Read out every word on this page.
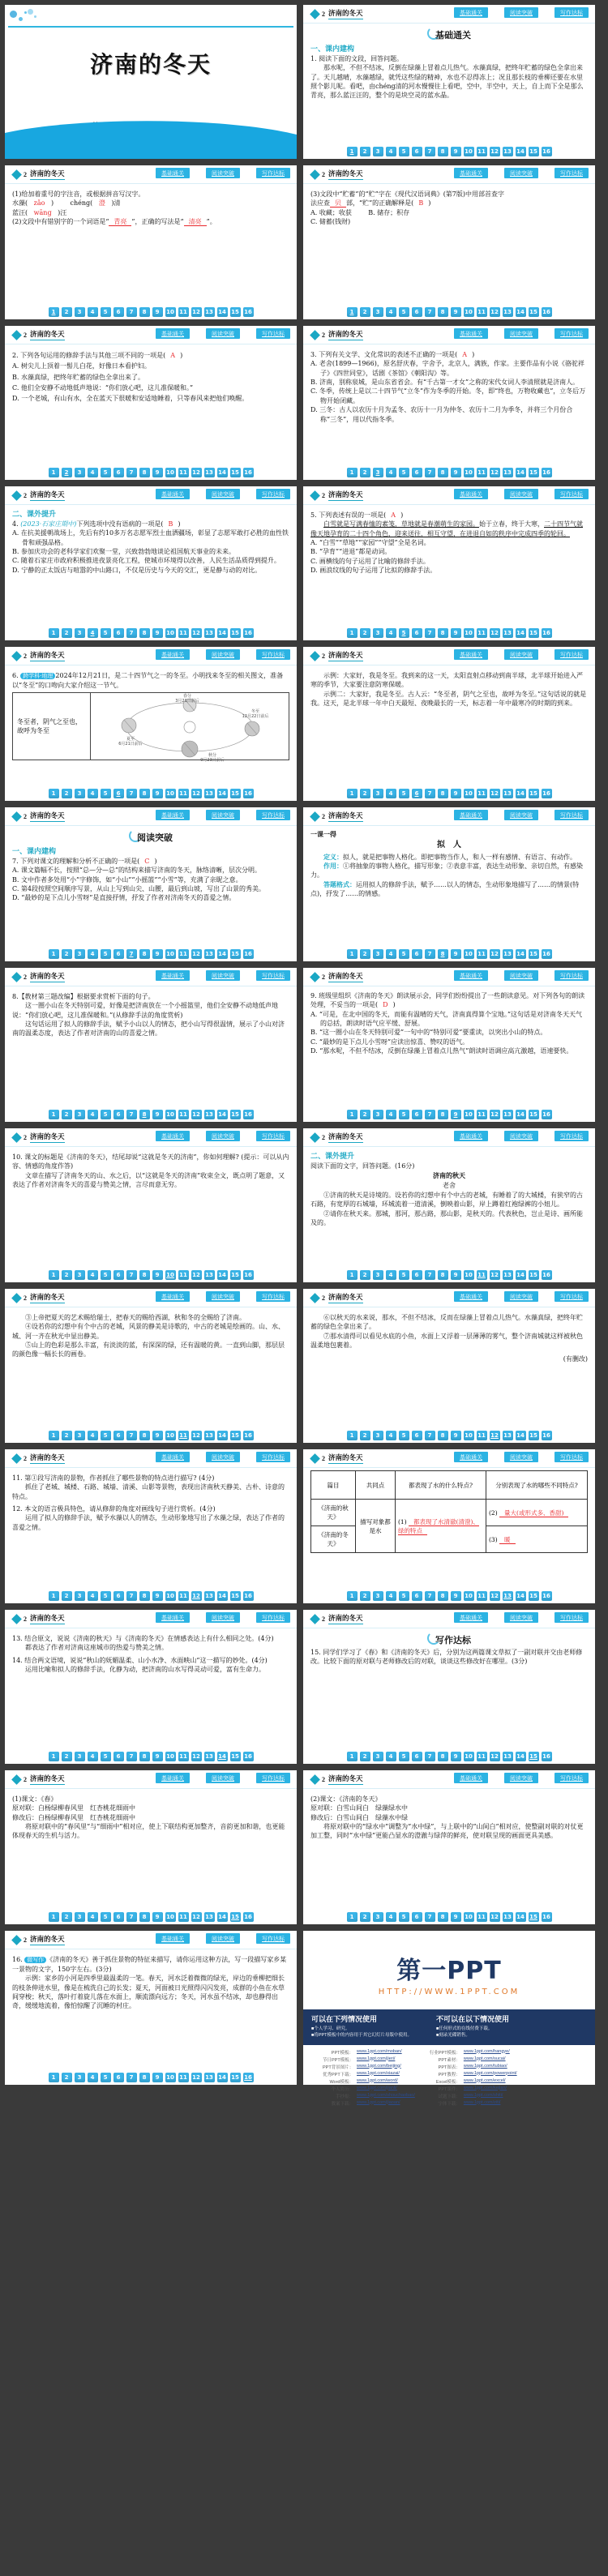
济南的冬天
2 济南的冬天	基础通关	阅读突破	写作达标
基础通关
一、课内建构

1. 阅读下面的文段，回答问题。

那水呢，不但不结冰，反倒在绿藻上冒着点儿热气。水藻真绿，把终年贮蓄的绿色全拿出来了。天儿越晴，水藻越绿，就凭这些绿的精神，水也不忍得冻上；况且那长枝的垂柳还要在水里照个影儿呢。看吧，由chéng清的河水慢慢往上看吧，空中，半空中，天上，自上而下全是那么青亮，那么蓝汪汪的，整个的是块空灵的蓝水晶。

1	2	3	4	5	6	7	8	9	10 11 12 13 14 15 16
2 济南的冬天	基础通关	阅读突破	写作达标

(1)给加着重号的字注音，或根据拼音写汉字。

水藻( zǎo )	chéng( 澄 )清

蓝汪( wāng )汪

(2)文段中有错别字的一个词语是“ 青亮 ”，正确的写法是“ 清亮 ”。

1	2	3	4	5	6	7	8	9	10 11 12 13 14 15 16
2 济南的冬天	基础通关	阅读突破	写作达标

(3)文段中“贮蓄”的“贮”字在《现代汉语词典》(第7版)中用部首查字

法应查 贝 部，“贮”的正确解释是( B )

A. 收藏；收获	B. 储存；积存

C. 储蓄(钱财)

1	2	3	4	5	6	7	8	9	10 11 12 13 14 15 16
2 济南的冬天	基础通关	阅读突破	写作达标

2. 下列各句运用的修辞手法与其他三项不同的一项是( A )

A. 树尖儿上顶着一髻儿白花，好像日本看护妇。

B. 水藻真绿，把终年贮蓄的绿色全拿出来了。

C. 他们全安静不动地低声地说：“你们放心吧，这儿准保暖和。”

D. 一个老城，有山有水，全在蓝天下很暖和安适地睡着，只等春风来把他们唤醒。

1	2	3	4	5	6	7	8	9	10 11 12 13 14 15 16
2 济南的冬天	基础通关	阅读突破	写作达标

3. 下列有关文学、文化常识的表述不正确的一项是( A )

A. 老舍(1899—1966)，原名舒庆春，字舍予，北京人，满族，作家。主要作品有小说《骆驼祥子》《四世同堂》，话剧《茶馆》《朝阳沟》等。

B. 济南，别称泉城，是山东省省会。有“千古第一才女”之称的宋代女词人李清照就是济南人。

C. 冬季，传统上是以二十四节气“立冬”作为冬季的开始。冬，即“终也，万物收藏也”，立冬后万物开始闭藏。

D. 三冬：古人以农历十月为孟冬、农历十一月为仲冬、农历十二月为季冬，并将三个月份合称“三冬”，用以代指冬季。

1	2	3	4	5	6	7	8	9	10 11 12 13 14 15 16
2 济南的冬天	基础通关	阅读突破	写作达标
二、课外提升

4. (2023·石家庄期中)下列选项中没有语病的一项是( B )

A. 在抗美援朝战场上，先后有约10多万名志愿军烈士血洒疆场，彰显了志愿军敢打必胜的血性铁骨和顽强品格。

B. 参加庆功会的老科学家们欢聚一堂，兴致勃勃地谈论祖国航天事业的未来。

C. 随着石家庄市政府积极推进夜景亮化工程，使城市环境得以改善，人民生活品质得到提升。

D. 宁静的正太饭店与喧嚣的中山路口，不仅是历史与今天的交汇，更是静与动的对比。

1	2	3	4	5	6	7	8	9	10 11 12 13 14 15 16
2 济南的冬天	基础通关	阅读突破	写作达标

5. 下列表述有误的一项是( A )

白雪就是写满春恤的素笺，草地就是春潮萌生的家园。始于立春，终于大寒，二十四节气就像天地孕育的二十四个角色，迎来送往，相互守望，在进退自如的秩序中完成四季的轮回。

A. “白雪”“草地”“家园”“守望”全是名词。

B. “孕育”“进退”都是动词。

C. 画横线的句子运用了比喻的修辞手法。

D. 画浪纹线的句子运用了比拟的修辞手法。

1	2	3	4	5	6	7	8	9	10 11 12 13 14 15 16
2 济南的冬天	基础通关	阅读突破	写作达标

6. 跨学科·地理 2024年12月21日，是二十四节气之一的冬至。小明找来冬至的相关图文，准备以“冬至”的口吻向大家介绍这一节气。

冬至者，阴气之至也，故呼为冬至
春分
3月21日前后
冬至
12月22日前后
夏至
6月21日前后
秋分
9月23日前后
1	2	3	4	5	6	7	8	9	10 11 12 13 14 15 16
2 济南的冬天	基础通关	阅读突破	写作达标

示例：大家好，我是冬至。我到来的这一天，太阳直射点移动到南半球，北半球开始进入严寒的季节，大家要注意防寒保暖。

示例二：大家好，我是冬至。古人云：“冬至者，阴气之至也，故呼为冬至。”这句话说的就是我。这天，是北半球一年中白天最短、夜晚最长的一天，标志着一年中最寒冷的时期的到来。

1	2	3	4	5	6	7	8	9	10 11 12 13 14 15 16
2 济南的冬天	基础通关	阅读突破	写作达标
阅读突破
一、课内建构

7. 下列对课文的理解和分析不正确的一项是( C )

A. 课文篇幅不长，按照“总—分—总”的结构来描写济南的冬天，脉络清晰，层次分明。

B. 文中作者多处用“小”字修饰，如“小山”“小摇篮”“小雪”等，充满了亲昵之意。

C. 第4段按照空间顺序写景，从山上写到山尖、山腰，最后到山坡，写出了山景的秀美。

D. “最妙的是下点儿小雪呀”是直接抒情，抒发了作者对济南冬天的喜爱之情。

1	2	3	4	5	6	7	8	9	10 11 12 13 14 15 16
2 济南的冬天	基础通关	阅读突破	写作达标

一课一得

拟　人

定义：拟人，就是把事物人格化。即把事物当作人，和人一样有感情、有语言、有动作。

作用：①将抽象的事物人格化，描写形象；②表意丰富，表达生动形象、亲切自然，有感染力。

答题格式：运用拟人的修辞手法，赋予……以人的情态，生动形象地描写了……的情景(特点)，抒发了……的情感。

1	2	3	4	5	6	7	8	9	10 11 12 13 14 15 16
2 济南的冬天	基础通关	阅读突破	写作达标

8.【教材第三题改编】根据要求赏析下面的句子。

这一圈小山在冬天特别可爱，好像是把济南放在一个小摇篮里，他们全安静不动地低声地说：“你们放心吧，这儿准保暖和。”(从修辞手法的角度赏析)

这句话运用了拟人的修辞手法，赋予小山以人的情态，把小山写得很温情，展示了小山对济南的温柔态度，表达了作者对济南的山的喜爱之情。

1	2	3	4	5	6	7	8	9	10 11 12 13 14 15 16
2 济南的冬天	基础通关	阅读突破	写作达标

9. 班级里组织《济南的冬天》朗读展示会，同学们纷纷提出了一些朗读意见。对下列各句的朗读处理，不妥当的一项是( D )

A. “可是，在北中国的冬天，而能有温晴的天气，济南真得算个宝地。”这句话是对济南冬天天气的总括，朗读时语气应平缓、舒展。

B. “这一圈小山在冬天特别可爱”一句中的“特别可爱”要重读，以突出小山的特点。

C. “最妙的是下点儿小雪呀”应读出惊喜、赞叹的语气。

D. “那水呢，不但不结冰，反倒在绿藻上冒着点儿热气”朗读时语调应高亢激越，语速要快。

1	2	3	4	5	6	7	8	9	10 11 12 13 14 15 16
2 济南的冬天	基础通关	阅读突破	写作达标

10. 课文的标题是《济南的冬天》，结尾却说“这就是冬天的济南”，你如何理解? (提示：可以从内容、情感的角度作答)

文章在描写了济南冬天的山、水之后，以“这就是冬天的济南”收束全文，既点明了题意，又表达了作者对济南冬天的喜爱与赞美之情，言尽而意无穷。

1	2	3	4	5	6	7	8	9	10 11 12 13 14 15 16
2 济南的冬天	基础通关	阅读突破	写作达标
二、课外提升

阅读下面的文字，回答问题。(16分)

济南的秋天

老舍

①济南的秋天是诗境的。设若你的幻想中有个中古的老城，有睡着了的大城楼，有狭窄的古石路，有宽厚的石城墙，环城流着一道清溪，倒映着山影，岸上蹲着红袍绿裤的小妞儿。

②请你在秋天来。那城，那河，那古路，那山影，是秋天的。代表秋色，岂止是诗、画所能及的。

1	2	3	4	5	6	7	8	9	10 11 12 13 14 15 16
2 济南的冬天	基础通关	阅读突破	写作达标

③上帝把夏天的艺术赐给瑞士，把春天的赐给西湖，秋和冬的全赐给了济南。

④设若你的幻想中有个中古的老城，风景的静美是诗歌的，中古的老城是绘画的。山、水、城、河一齐在秋光中显出静美。

⑤山上的色彩是那么丰富，有淡淡的蓝，有深深的绿，还有温暖的黄。一直到山脚，那层层的颜色像一幅长长的画卷。

1	2	3	4	5	6	7	8	9	10 11 12 13 14 15 16
2 济南的冬天	基础通关	阅读突破	写作达标

⑥以秋天的水来说，那水，不但不结冰，反而在绿藻上冒着点儿热气。水藻真绿，把终年贮蓄的绿色全拿出来了。

⑦那水清得可以看见水底的小鱼，水面上又浮着一层薄薄的雾气，整个济南城就这样被秋色温柔地包裹着。

(有删改)

1	2	3	4	5	6	7	8	9	10 11 12 13 14 15 16
2 济南的冬天	基础通关	阅读突破	写作达标

11. 第①段写济南的景物，作者抓住了哪些景物的特点进行描写? (4分)

抓住了老城、城楼、石路、城墙、清溪、山影等景物，表现出济南秋天静美、古朴、诗意的特点。

12. 本文的语言极具特色，请从修辞的角度对画线句子进行赏析。(4分)

运用了拟人的修辞手法，赋予水藻以人的情态，生动形象地写出了水藻之绿，表达了作者的喜爱之情。

1	2	3	4	5	6	7	8	9	10 11 12 13 14 15 16
2 济南的冬天	基础通关	阅读突破	写作达标
篇目	共同点	都表现了水的什么特点?	分别表现了水的哪些不同特点?
《济南的秋天》	描写对象都是水	(1) 都表现了水清澈(清澄)、绿的特点	(2) 量大(或形式多、香甜)
《济南的冬天》			(3) 暖
1	2	3	4	5	6	7	8	9	10 11 12 13 14 15 16
2 济南的冬天	基础通关	阅读突破	写作达标

13. 结合原文，说说《济南的秋天》与《济南的冬天》在情感表达上有什么相同之处。(4分)

都表达了作者对济南这座城市的热爱与赞美之情。

14. 结合两文语境，说说“秋山的妩媚温柔、山小水净、水面映山”这一描写的妙处。(4分)

运用比喻和拟人的修辞手法，化静为动，把济南的山水写得灵动可爱，富有生命力。

1	2	3	4	5	6	7	8	9	10 11 12 13 14 15 16
2 济南的冬天	基础通关	阅读突破	写作达标
写作达标

15. 同学们学习了《春》和《济南的冬天》后，分别为这两篇课文草拟了一副对联并交由老师修改。比较下面的原对联与老师修改后的对联，谈谈这些修改好在哪里。(3分)

1	2	3	4	5	6	7	8	9	10 11 12 13 14 15 16
2 济南的冬天	基础通关	阅读突破	写作达标

(1)课文：《春》

原对联：白杨绿柳春风里　红杏桃花细雨中

修改后：白杨绿柳春风里　红杏桃花细雨中

将原对联中的“春风里”与“细雨中”相对应，使上下联结构更加整齐，音韵更加和谐，也更能体现春天的生机与活力。

1	2	3	4	5	6	7	8	9	10 11 12 13 14 15 16
2 济南的冬天	基础通关	阅读突破	写作达标

(2)课文：《济南的冬天》

原对联：白雪山间白　绿藻绿水中

修改后：白雪山间白　绿藻水中绿

将原对联中的“绿水中”调整为“水中绿”，与上联中的“山间白”相对应，使整副对联的对仗更加工整，同时“水中绿”更能凸显水的澄澈与绿萍的鲜亮，使对联呈现的画面更具美感。

1	2	3	4	5	6	7	8	9	10 11 12 13 14 15 16
2 济南的冬天	基础通关	阅读突破	写作达标

16. 微写作 《济南的冬天》善于抓住景物的特征来描写，请你运用这种方法，写一段描写家乡某一景物的文字，150字左右。(3分)

示例：家乡的小河是四季里最温柔的一笔。春天，河水泛着微微的绿光，岸边的垂柳把细长的枝条伸进水里，像是在梳洗自己的长发；夏天，河面被日光照得闪闪发亮，成群的小鱼在水草间穿梭；秋天，落叶打着旋儿落在水面上，顺流漂向远方；冬天，河水虽不结冰，却也静得出奇，缓缓地流着，像怕惊醒了沉睡的村庄。

1	2	3	4	5	6	7	8	9	10 11 12 13 14 15 16
第一PPT
HTTP://WWW.1PPT.COM
可以在下列情况使用
■个人学习、研究。
■将PPT模板中的内容用于其它幻灯片母版中使用。
不可以在以下情况使用
■任何形式的在线付费下载。
■刻录光碟销售。
PPT模板： www.1ppt.com/moban/
节日PPT模板： www.1ppt.com/jieri/
PPT背景图片： www.1ppt.com/beijing/
优秀PPT下载： www.1ppt.com/xiazai/
Word模板： www.1ppt.com/word/
个人简历： www.1ppt.com/jianli/
手抄报： www.1ppt.com/shouchaobao/
教案下载： www.1ppt.com/jiaoan/
行业PPT模板： www.1ppt.com/hangye/
PPT素材： www.1ppt.com/sucai/
PPT图表： www.1ppt.com/tubiao/
PPT教程： www.1ppt.com/powerpoint/
Excel模板： www.1ppt.com/excel/
PPT课件： www.1ppt.com/kejian/
试题下载： www.1ppt.com/shiti/
字体下载： www.1ppt.com/ziti/
